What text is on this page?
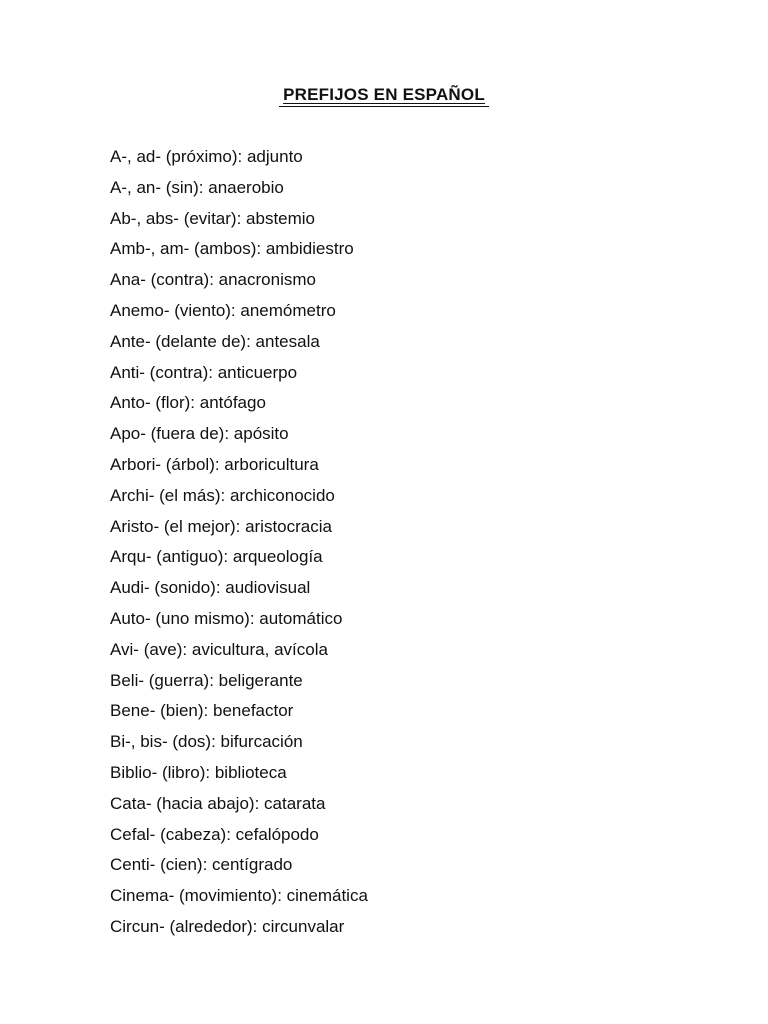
PREFIJOS EN ESPAÑOL
A-, ad- (próximo): adjunto
A-, an- (sin): anaerobio
Ab-, abs- (evitar): abstemio
Amb-, am- (ambos): ambidiestro
Ana- (contra): anacronismo
Anemo- (viento): anemómetro
Ante- (delante de): antesala
Anti- (contra): anticuerpo
Anto- (flor): antófago
Apo- (fuera de): apósito
Arbori- (árbol): arboricultura
Archi- (el más): archiconocido
Aristo- (el mejor): aristocracia
Arqu- (antiguo): arqueología
Audi- (sonido): audiovisual
Auto- (uno mismo): automático
Avi- (ave): avicultura, avícola
Beli- (guerra): beligerante
Bene- (bien): benefactor
Bi-, bis- (dos): bifurcación
Biblio- (libro): biblioteca
Cata- (hacia abajo): catarata
Cefal- (cabeza): cefalópodo
Centi- (cien): centígrado
Cinema- (movimiento): cinemática
Circun- (alrededor): circunvalar
